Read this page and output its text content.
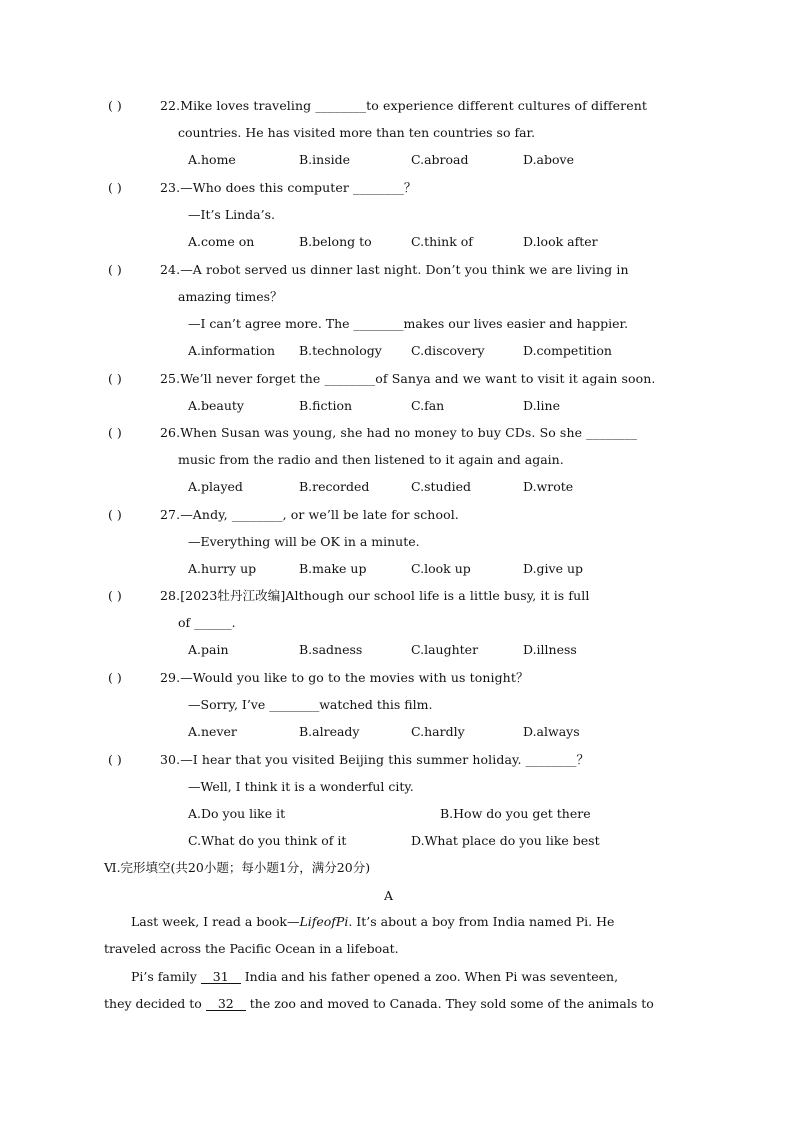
( )	22.Mike loves traveling ________to experience different cultures of different
countries. He has visited more than ten countries so far.
A.home	B.inside	C.abroad	D.above
( )	23.—Who does this computer ________？
—It’s Linda’s.
A.come on	B.belong to	C.think of	D.look after
( )	24.—A robot served us dinner last night. Don’t you think we are living in
amazing times？
—I can’t agree more. The ________makes our lives easier and happier.
A.information B.technology C.discovery	D.competition
( )	25.We’ll never forget the ________of Sanya and we want to visit it again soon.
A.beauty	B.fiction	C.fan	D.line
( )	26.When Susan was young, she had no money to buy CDs. So she ________
music from the radio and then listened to it again and again.
A.played	B.recorded	C.studied	D.wrote
( )	27.—Andy, ________, or we’ll be late for school.
—Everything will be OK in a minute.
A.hurry up	B.make up	C.look up	D.give up
( )	28.[2023牡丹江改编]Although our school life is a little busy, it is full
of ______.
A.pain	B.sadness	C.laughter	D.illness
( )	29.—Would you like to go to the movies with us tonight？
—Sorry, I’ve ________watched this film.
A.never	B.already	C.hardly	D.always
( )	30.—I hear that you visited Beijing this summer holiday. ________？
—Well, I think it is a wonderful city.
A.Do you like it	B.How do you get there
C.What do you think of it	D.What place do you like best
Ⅵ.完形填空(共20小题；每小题1分，满分20分)
A
Last week, I read a book—LifeofPi. It’s about a boy from India named Pi. He
traveled across the Pacific Ocean in a lifeboat.
Pi’s family 31 India and his father opened a zoo. When Pi was seventeen,
they decided to 32 the zoo and moved to Canada. They sold some of the animals to
